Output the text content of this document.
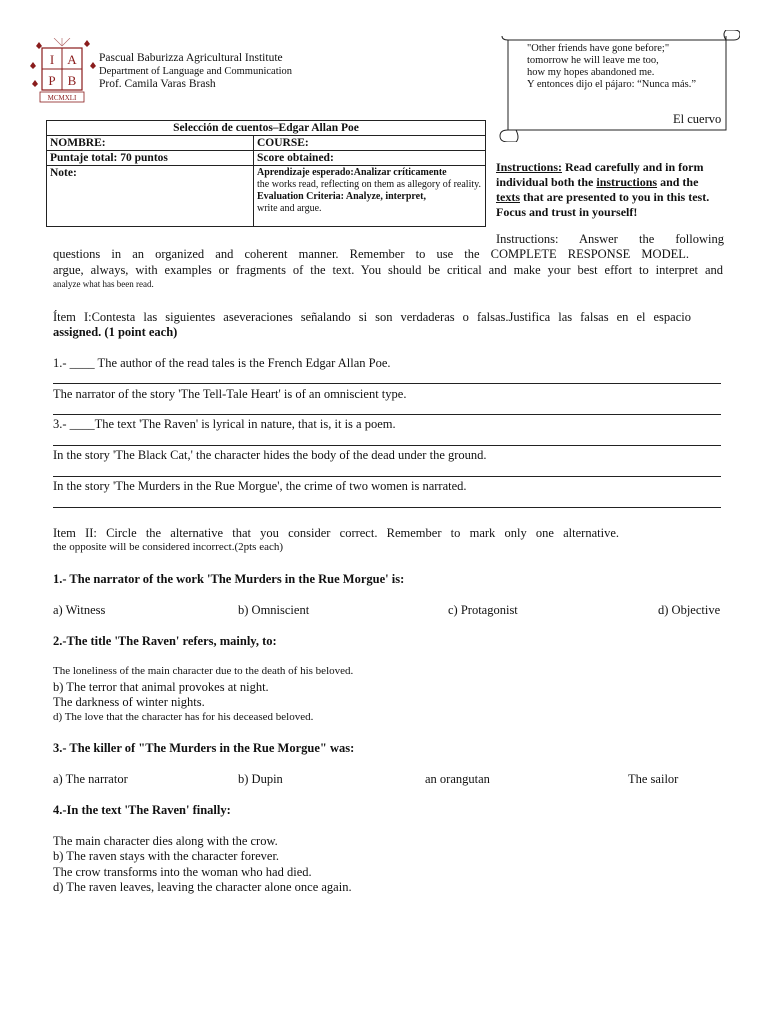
I A
P B
MCMXLI
Pascual Baburizza Agricultural Institute
Department of Language and Communication
Prof. Camila Varas Brash
"Other friends have gone before;"
tomorrow he will leave me too,
how my hopes abandoned me.
Y entonces dijo el pájaro: “Nunca más.”
El cuervo
Selección de cuentos–Edgar Allan Poe	
NOMBRE:	COURSE:
Puntaje total: 70 puntos	Score obtained:
Note:	Aprendizaje esperado:Analizar críticamente
the works read, reflecting on them as allegory of reality.
Evaluation Criteria: Analyze, interpret,
write and argue.
Instructions: Read carefully and in form individual both the instructions and the texts that are presented to you in this test. Focus and trust in yourself!
Instructions: Answer the following
questions in an organized and coherent manner. Remember to use the COMPLETE RESPONSE MODEL.
argue, always, with examples or fragments of the text. You should be critical and make your best effort to interpret and
analyze what has been read.
Ítem I:Contesta las siguientes aseveraciones señalando si son verdaderas o falsas.Justifica las falsas en el espacio
assigned. (1 point each)
1.- ____ The author of the read tales is the French Edgar Allan Poe.
The narrator of the story 'The Tell-Tale Heart' is of an omniscient type.
3.- ____The text 'The Raven' is lyrical in nature, that is, it is a poem.
In the story 'The Black Cat,' the character hides the body of the dead under the ground.
In the story 'The Murders in the Rue Morgue', the crime of two women is narrated.
Item II: Circle the alternative that you consider correct. Remember to mark only one alternative.
the opposite will be considered incorrect.(2pts each)
1.- The narrator of the work 'The Murders in the Rue Morgue' is:
a) Witness	b) Omniscient	c) Protagonist	d) Objective
2.-The title 'The Raven' refers, mainly, to:
The loneliness of the main character due to the death of his beloved.
b) The terror that animal provokes at night.
The darkness of winter nights.
d) The love that the character has for his deceased beloved.
3.- The killer of "The Murders in the Rue Morgue" was:
a) The narrator	b) Dupin	an orangutan	The sailor
4.-In the text 'The Raven' finally:
The main character dies along with the crow.
b) The raven stays with the character forever.
The crow transforms into the woman who had died.
d) The raven leaves, leaving the character alone once again.
